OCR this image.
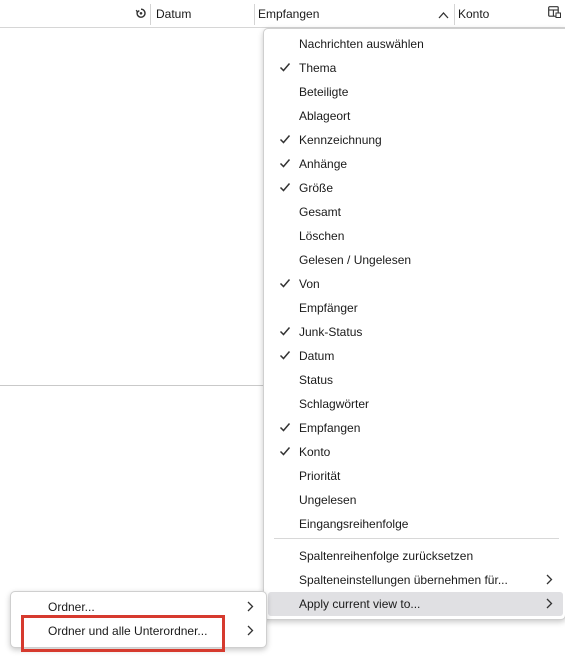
Datum	Empfangen	Konto
Eingangsreihenfolge
Ungelesen
Priorität
Konto
Empfangen
Schlagwörter
Status
Datum
Junk-Status
Empfänger
Von
Gelesen / Ungelesen
Löschen
Gesamt
Größe
Anhänge
Kennzeichnung
Ablageort
Beteiligte
Thema
Nachrichten auswählen
Spaltenreihenfolge zurücksetzen
Spalteneinstellungen übernehmen für...
Apply current view to...
Ordner...
Ordner und alle Unterordner...
